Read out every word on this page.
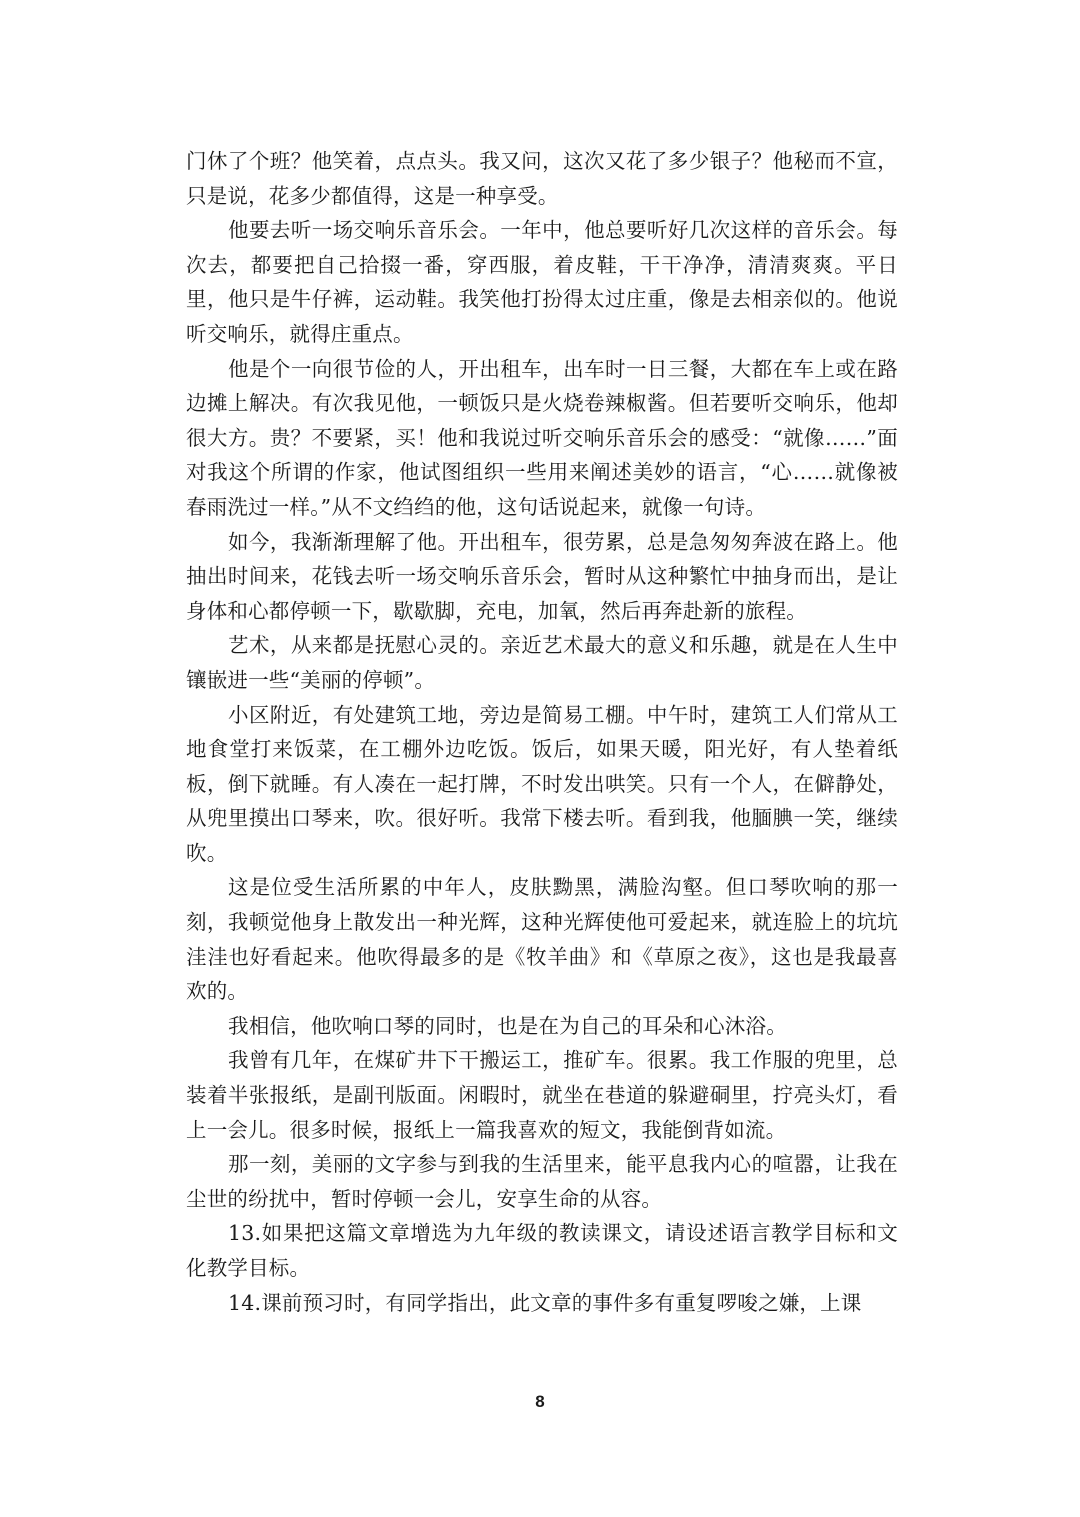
门休了个班？他笑着，点点头。我又问，这次又花了多少银子？他秘而不宣，只是说，花多少都值得，这是一种享受。

他要去听一场交响乐音乐会。一年中，他总要听好几次这样的音乐会。每次去，都要把自己拾掇一番，穿西服，着皮鞋，干干净净，清清爽爽。平日里，他只是牛仔裤，运动鞋。我笑他打扮得太过庄重，像是去相亲似的。他说听交响乐，就得庄重点。

他是个一向很节俭的人，开出租车，出车时一日三餐，大都在车上或在路边摊上解决。有次我见他，一顿饭只是火烧卷辣椒酱。但若要听交响乐，他却很大方。贵？不要紧，买！他和我说过听交响乐音乐会的感受：“就像……”面对我这个所谓的作家，他试图组织一些用来阐述美妙的语言，“心……就像被春雨洗过一样。”从不文绉绉的他，这句话说起来，就像一句诗。

如今，我渐渐理解了他。开出租车，很劳累，总是急匆匆奔波在路上。他抽出时间来，花钱去听一场交响乐音乐会，暂时从这种繁忙中抽身而出，是让身体和心都停顿一下，歇歇脚，充电，加氧，然后再奔赴新的旅程。

艺术，从来都是抚慰心灵的。亲近艺术最大的意义和乐趣，就是在人生中镶嵌进一些“美丽的停顿”。

小区附近，有处建筑工地，旁边是简易工棚。中午时，建筑工人们常从工地食堂打来饭菜，在工棚外边吃饭。饭后，如果天暖，阳光好，有人垫着纸板，倒下就睡。有人凑在一起打牌，不时发出哄笑。只有一个人，在僻静处，从兜里摸出口琴来，吹。很好听。我常下楼去听。看到我，他腼腆一笑，继续吹。

这是位受生活所累的中年人，皮肤黝黑，满脸沟壑。但口琴吹响的那一刻，我顿觉他身上散发出一种光辉，这种光辉使他可爱起来，就连脸上的坑坑洼洼也好看起来。他吹得最多的是《牧羊曲》和《草原之夜》，这也是我最喜欢的。

我相信，他吹响口琴的同时，也是在为自己的耳朵和心沐浴。

我曾有几年，在煤矿井下干搬运工，推矿车。很累。我工作服的兜里，总装着半张报纸，是副刊版面。闲暇时，就坐在巷道的躲避硐里，拧亮头灯，看上一会儿。很多时候，报纸上一篇我喜欢的短文，我能倒背如流。

那一刻，美丽的文字参与到我的生活里来，能平息我内心的喧嚣，让我在尘世的纷扰中，暂时停顿一会儿，安享生命的从容。

13.如果把这篇文章增选为九年级的教读课文，请设述语言教学目标和文化教学目标。

14.课前预习时，有同学指出，此文章的事件多有重复啰唆之嫌，上课

8
